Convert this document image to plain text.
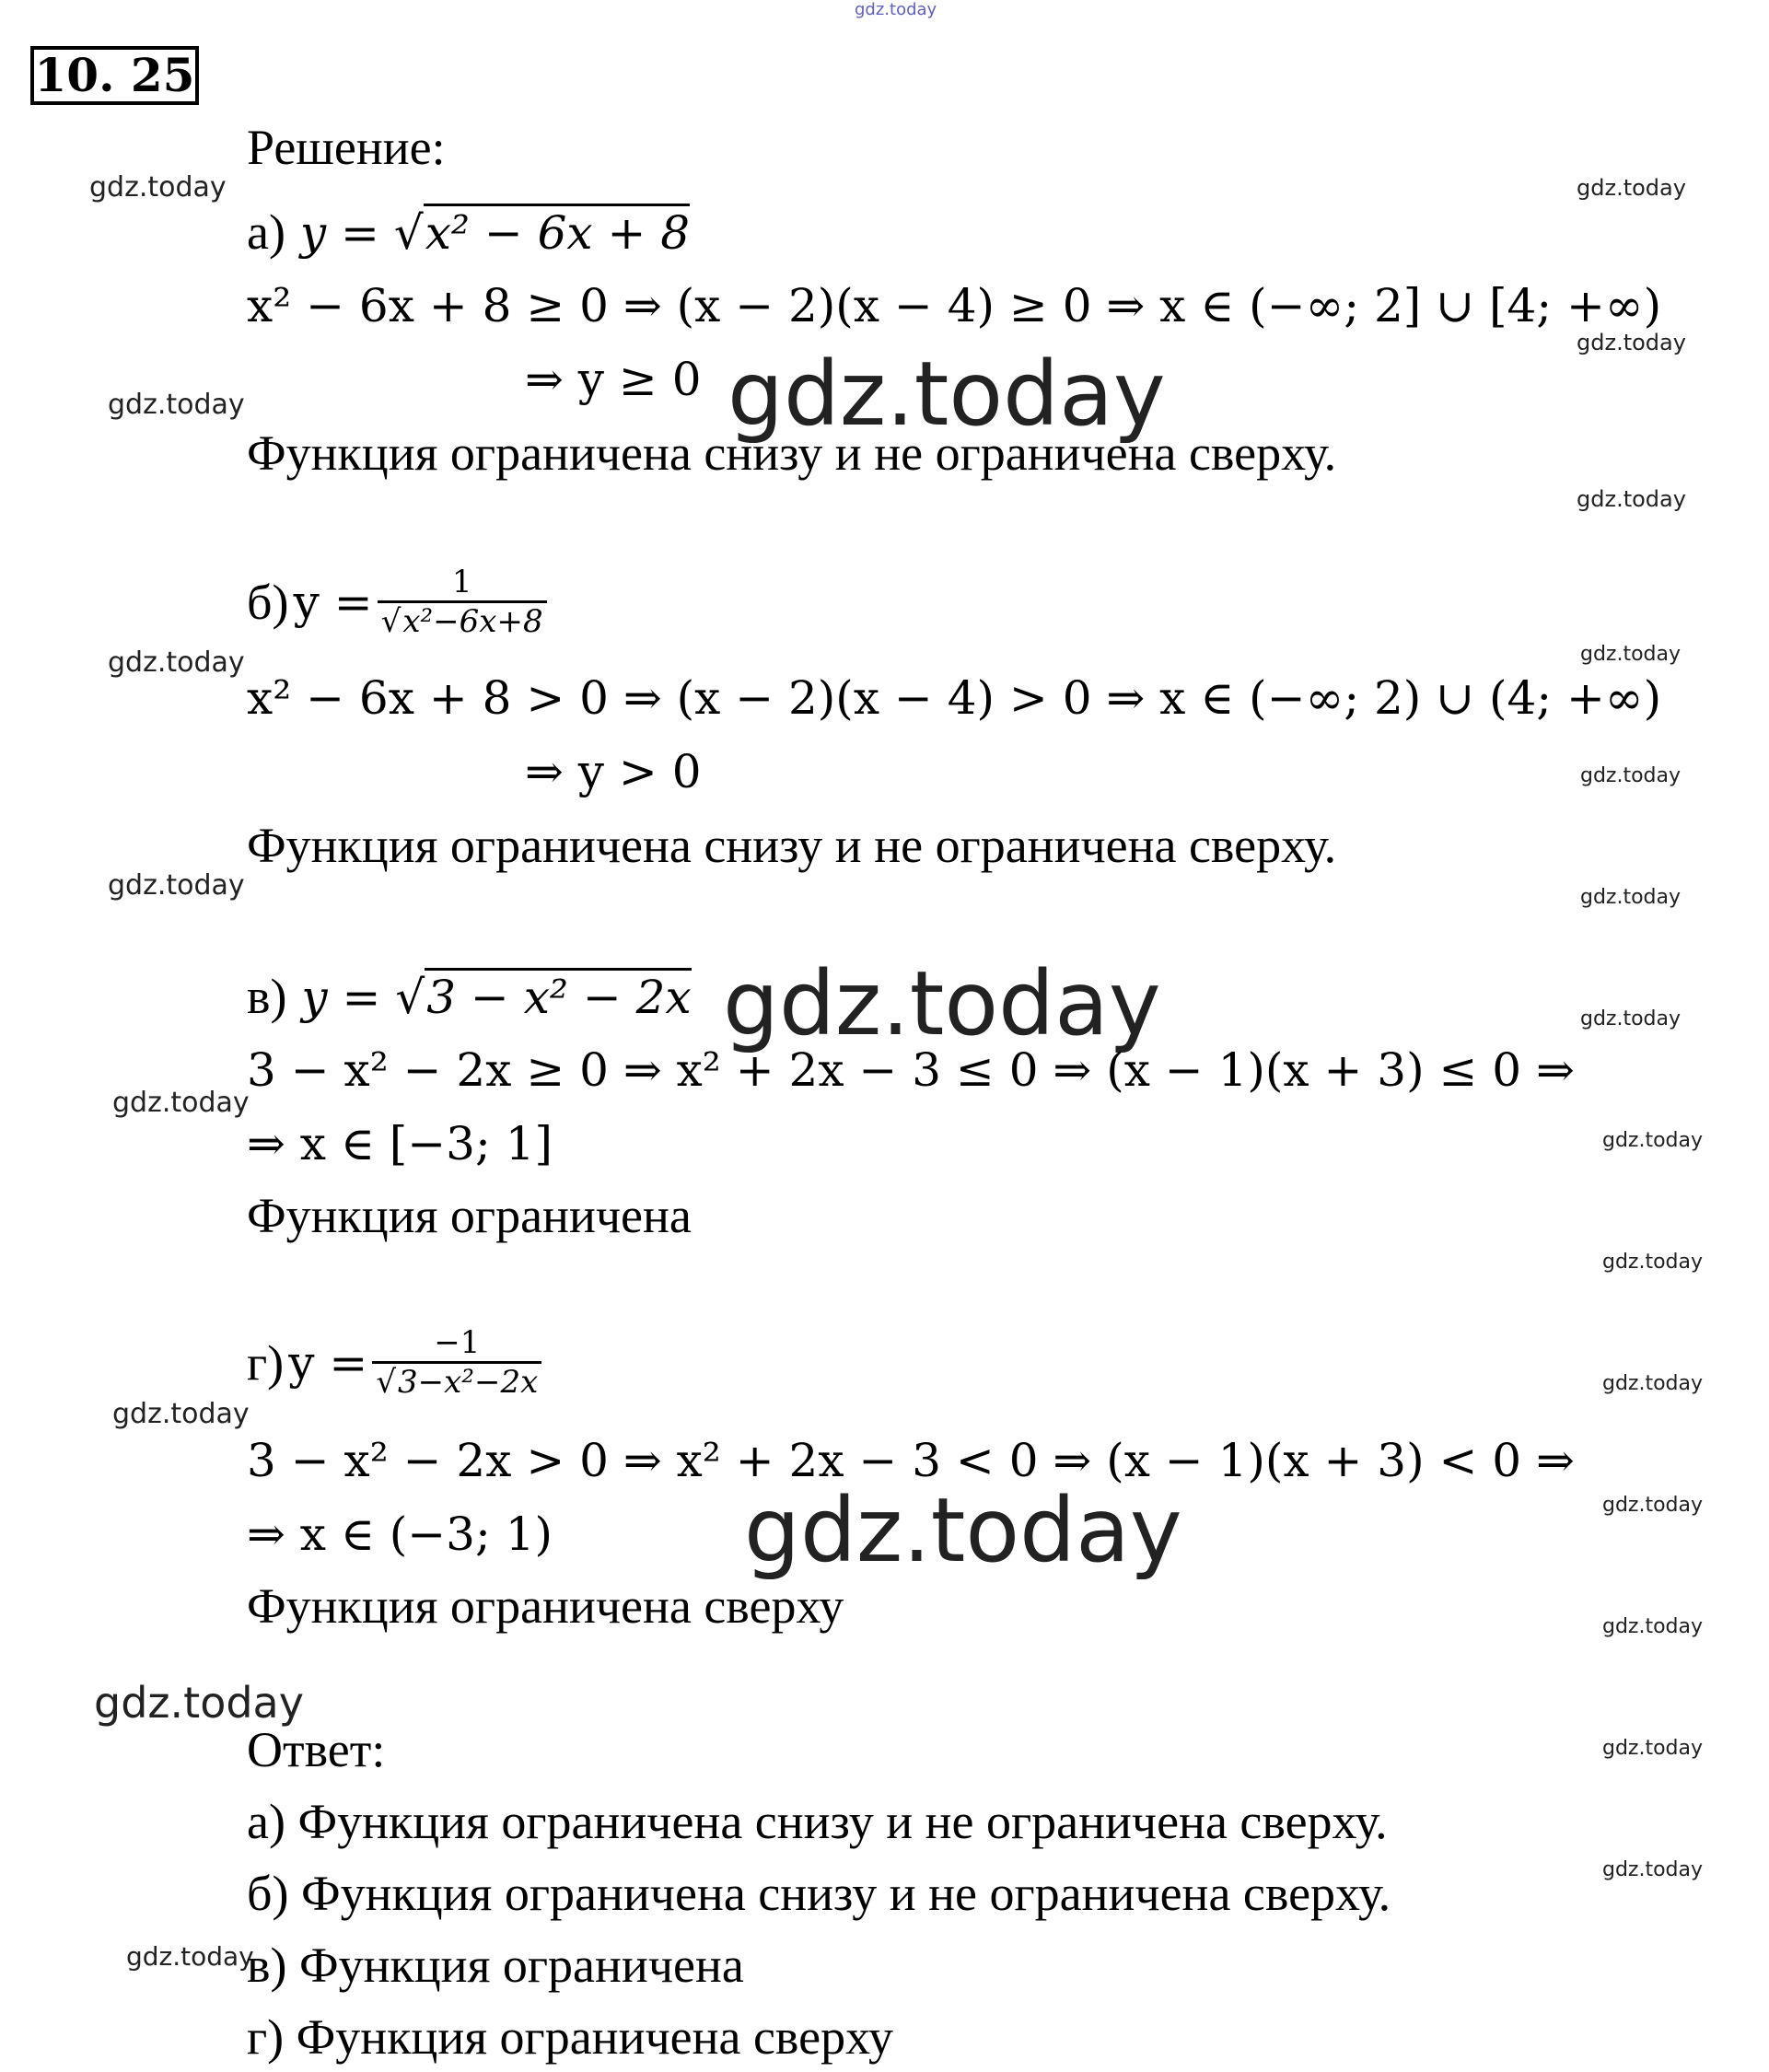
gdz.today
10. 25
Решение:
gdz.today	gdz.today
а) y = √x² − 6x + 8
x² − 6x + 8 ≥ 0 ⇒ (x − 2)(x − 4) ≥ 0 ⇒ x ∈ (−∞; 2] ∪ [4; +∞)
gdz.today
⇒ y ≥ 0 gdz.today
gdz.today
Функция ограничена снизу и не ограничена сверху.
gdz.today
б) $y = \frac{1}{\text{√x²−6x+8}}$
gdz.today
gdz.today
x² − 6x + 8 > 0 ⇒ (x − 2)(x − 4) > 0 ⇒ x ∈ (−∞; 2) ∪ (4; +∞)
⇒ y > 0	gdz.today
Функция ограничена снизу и не ограничена сверху.
gdz.today	gdz.today
в) y = √3 − x² − 2x gdz.today	gdz.today
3 − x² − 2x ≥ 0 ⇒ x² + 2x − 3 ≤ 0 ⇒ (x − 1)(x + 3) ≤ 0 ⇒
gdz.today
⇒ x ∈ [−3; 1]	gdz.today
Функция ограничена
gdz.today
г) $y = \frac{-1}{\text{√3−x²−2x}}$	gdz.today
gdz.today
3 − x² − 2x > 0 ⇒ x² + 2x − 3 < 0 ⇒ (x − 1)(x + 3) < 0 ⇒
gdz.today
⇒ x ∈ (−3; 1) gdz.today
Функция ограничена сверху	gdz.today
gdz.today
Ответ:	gdz.today
а) Функция ограничена снизу и не ограничена сверху.
gdz.today
б) Функция ограничена снизу и не ограничена сверху.
gdz.today
в) Функция ограничена
г) Функция ограничена сверху
